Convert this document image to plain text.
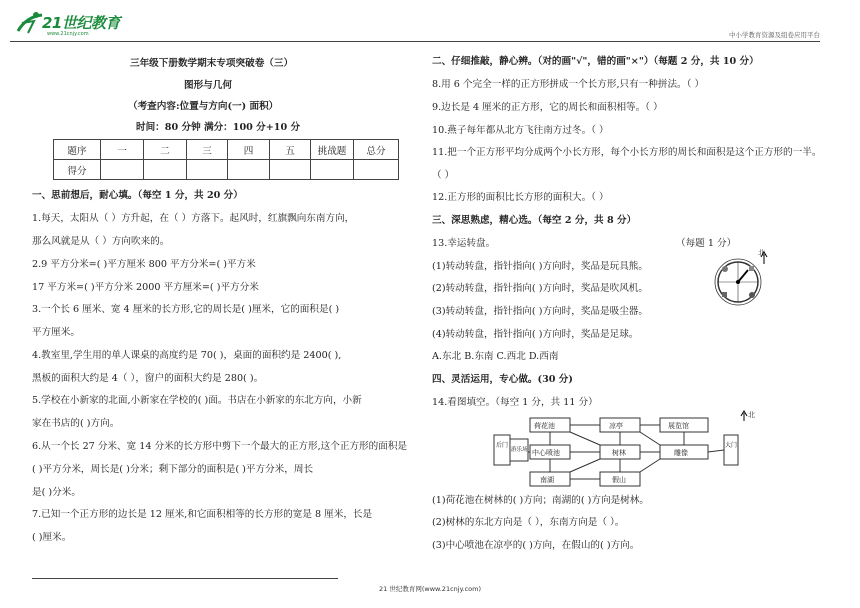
21世纪教育
www.21cnjy.com	中小学教育资源及组卷应用平台
三年级下册数学期末专项突破卷（三）
图形与几何
（考查内容:位置与方向(一) 面积）
时间：80 分钟 满分：100 分+10 分
题序	一	二	三	四	五	挑战题	总分
得分							
一、思前想后，耐心填。（每空 1 分，共 20 分）
1.每天，太阳从（ ）方升起，在（ ）方落下。起风时，红旗飘向东南方向，
那么风就是从（ ）方向吹来的。
2.9 平方分米=( )平方厘米 800 平方分米=( )平方米
17 平方米=( )平方分米 2000 平方厘米=( )平方分米
3.一个长 6 厘米、宽 4 厘米的长方形,它的周长是( )厘米，它的面积是( )
平方厘米。
4.教室里,学生用的单人课桌的高度约是 70( )，桌面的面积约是 2400( ),
黑板的面积大约是 4（ ），窗户的面积大约是 280( )。
5.学校在小新家的北面,小新家在学校的( )面。书店在小新家的东北方向，小新
家在书店的( )方向。
6.从一个长 27 分米、宽 14 分米的长方形中剪下一个最大的正方形,这个正方形的面积是
( )平方分米，周长是( )分米；剩下部分的面积是( )平方分米，周长
是( )分米。
7.已知一个正方形的边长是 12 厘米,和它面积相等的长方形的宽是 8 厘米，长是
( )厘米。
二、仔细推敲，静心辨。（对的画"√"，错的画"×"）（每题 2 分，共 10 分）
8.用 6 个完全一样的正方形拼成一个长方形,只有一种拼法。（ ）
9.边长是 4 厘米的正方形，它的周长和面积相等。（ ）
10.燕子每年都从北方飞往南方过冬。（ ）
11.把一个正方形平均分成两个小长方形，每个小长方形的周长和面积是这个正方形的一半。
（ ）
12.正方形的面积比长方形的面积大。（ ）
三、深思熟虑，精心选。（每空 2 分，共 8 分）
13.幸运转盘。	（每题 1 分）
(1)转动转盘，指针指向( )方向时，奖品是玩具熊。
(2)转动转盘，指针指向( )方向时，奖品是吹风机。
(3)转动转盘，指针指向( )方向时，奖品是吸尘器。
(4)转动转盘，指针指向( )方向时，奖品是足球。
A.东北 B.东南 C.西北 D.西南
北
四、灵活运用，专心做。(30 分)
14.看图填空。（每空 1 分，共 11 分）
荷花池	凉亭	展览馆
中心喷池	树林	雕像
南湖	假山
后门
游乐场
大门
北
(1)荷花池在树林的( )方向；南湖的( )方向是树林。
(2)树林的东北方向是（ ），东南方向是（ ）。
(3)中心喷池在凉亭的( )方向，在假山的( )方向。
21 世纪教育网(www.21cnjy.com)
